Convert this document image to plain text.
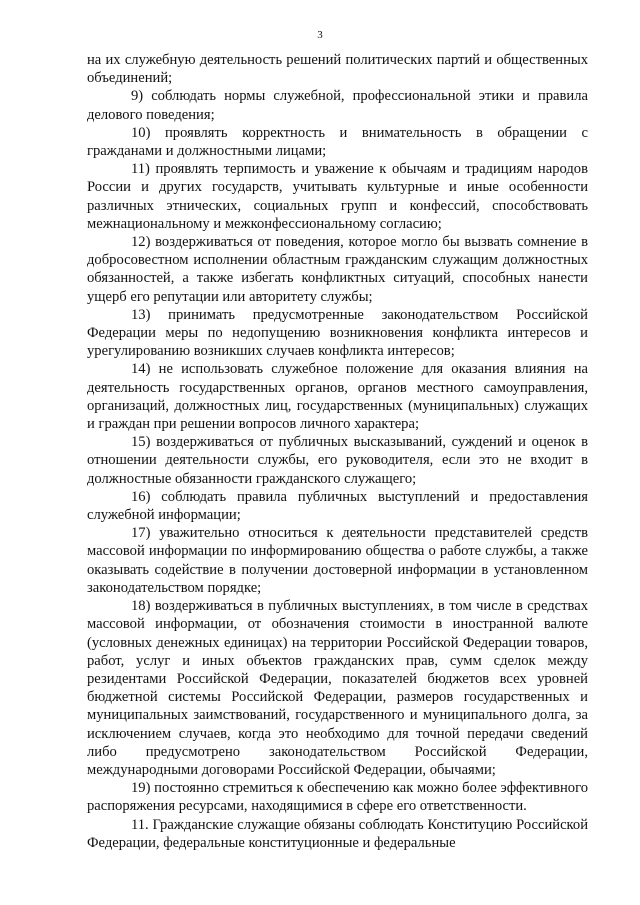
3

на их служебную деятельность решений политических партий и общественных объединений;

9) соблюдать нормы служебной, профессиональной этики и правила делового поведения;

10) проявлять корректность и внимательность в обращении с гражданами и должностными лицами;

11) проявлять терпимость и уважение к обычаям и традициям народов России и других государств, учитывать культурные и иные особенности различных этнических, социальных групп и конфессий, способствовать межнациональному и межконфессиональному согласию;

12) воздерживаться от поведения, которое могло бы вызвать сомнение в добросовестном исполнении областным гражданским служащим должностных обязанностей, а также избегать конфликтных ситуаций, способных нанести ущерб его репутации или авторитету службы;

13) принимать предусмотренные законодательством Российской Федерации меры по недопущению возникновения конфликта интересов и урегулированию возникших случаев конфликта интересов;

14) не использовать служебное положение для оказания влияния на деятельность государственных органов, органов местного самоуправления, организаций, должностных лиц, государственных (муниципальных) служащих и граждан при решении вопросов личного характера;

15) воздерживаться от публичных высказываний, суждений и оценок в отношении деятельности службы, его руководителя, если это не входит в должностные обязанности гражданского служащего;

16) соблюдать правила публичных выступлений и предоставления служебной информации;

17) уважительно относиться к деятельности представителей средств массовой информации по информированию общества о работе службы, а также оказывать содействие в получении достоверной информации в установленном законодательством порядке;

18) воздерживаться в публичных выступлениях, в том числе в средствах массовой информации, от обозначения стоимости в иностранной валюте (условных денежных единицах) на территории Российской Федерации товаров, работ, услуг и иных объектов гражданских прав, сумм сделок между резидентами Российской Федерации, показателей бюджетов всех уровней бюджетной системы Российской Федерации, размеров государственных и муниципальных заимствований, государственного и муниципального долга, за исключением случаев, когда это необходимо для точной передачи сведений либо предусмотрено законодательством Российской Федерации, международными договорами Российской Федерации, обычаями;

19) постоянно стремиться к обеспечению как можно более эффективного распоряжения ресурсами, находящимися в сфере его ответственности.

11. Гражданские служащие обязаны соблюдать Конституцию Российской Федерации, федеральные конституционные и федеральные
